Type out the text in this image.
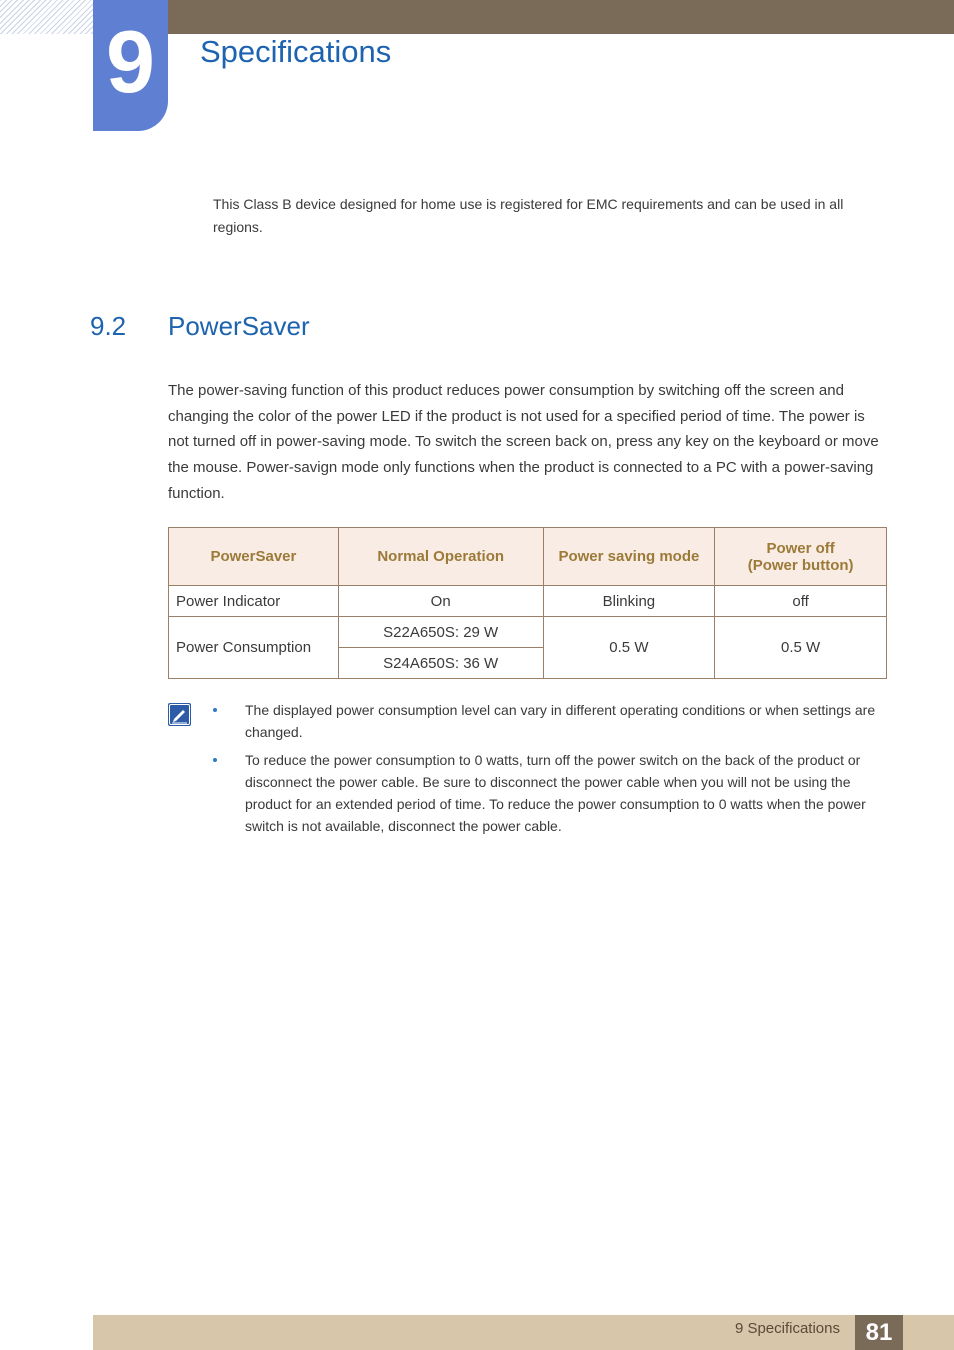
9	Specifications
This Class B device designed for home use is registered for EMC requirements and can be used in all regions.
9.2 PowerSaver
The power-saving function of this product reduces power consumption by switching off the screen and changing the color of the power LED if the product is not used for a specified period of time. The power is not turned off in power-saving mode. To switch the screen back on, press any key on the keyboard or move the mouse. Power-savign mode only functions when the product is connected to a PC with a power-saving function.
PowerSaver	Normal Operation	Power saving mode	Power off
(Power button)
Power Indicator	On	Blinking	off
Power Consumption	S22A650S: 29 W	0.5 W	0.5 W
	S24A650S: 36 W		
The displayed power consumption level can vary in different operating conditions or when settings are changed.
To reduce the power consumption to 0 watts, turn off the power switch on the back of the product or disconnect the power cable. Be sure to disconnect the power cable when you will not be using the product for an extended period of time. To reduce the power consumption to 0 watts when the power switch is not available, disconnect the power cable.
9 Specifications	81
